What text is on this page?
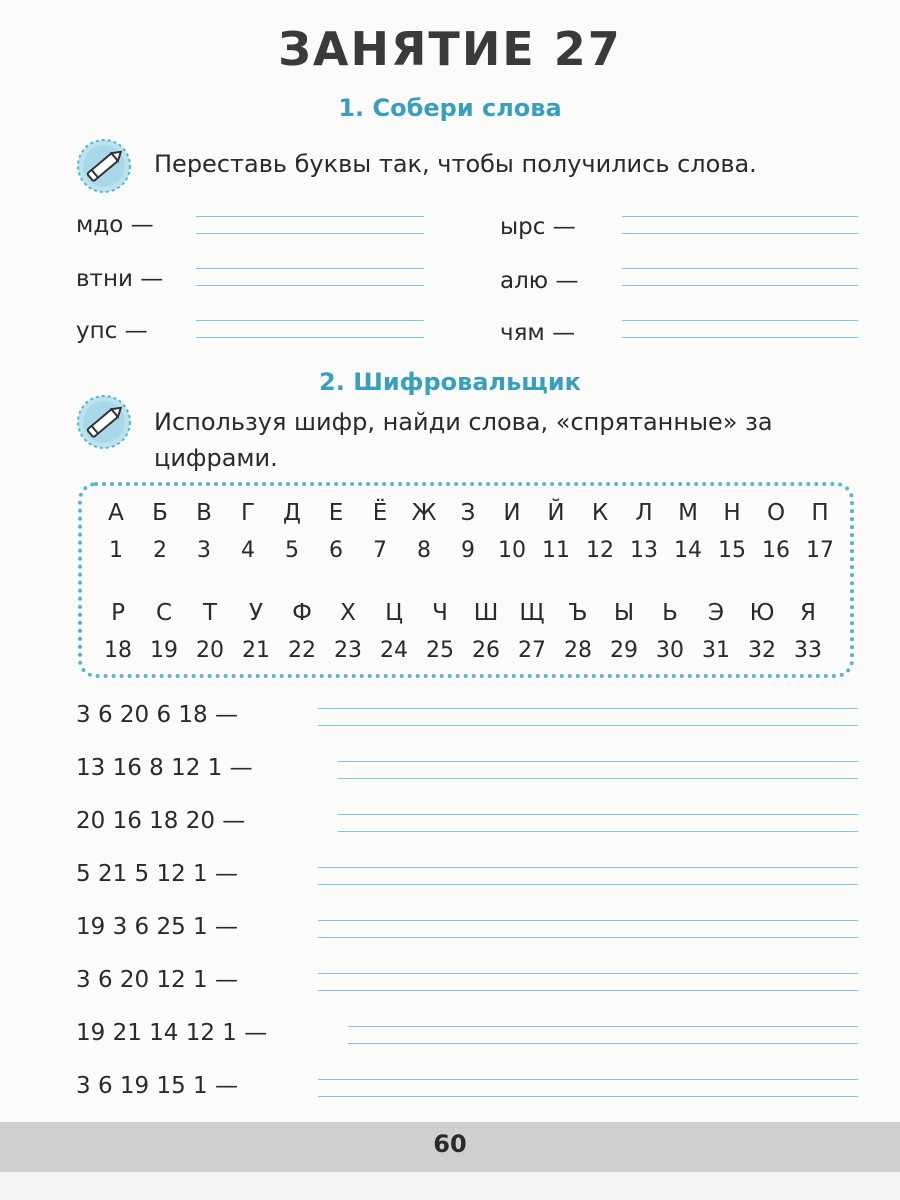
ЗАНЯТИЕ 27
1. Собери слова
Переставь буквы так, чтобы получились слова.
мдо —
втни —
упс —
ырс —
алю —
чям —
2. Шифровальщик
Используя шифр, найди слова, «спрятанные» за
цифрами.
А
1
Б
2
В
3
Г
4
Д
5
Е
6
Ё
7
Ж
8
З
9
И
10
Й
11
К
12
Л
13
М
14
Н
15
О
16
П
17
Р
18
С
19
Т
20
У
21
Ф
22
Х
23
Ц
24
Ч
25
Ш
26
Щ
27
Ъ
28
Ы
29
Ь
30
Э
31
Ю
32
Я
33
3 6 20 6 18 —
13 16 8 12 1 —
20 16 18 20 —
5 21 5 12 1 —
19 3 6 25 1 —
3 6 20 12 1 —
19 21 14 12 1 —
3 6 19 15 1 —
60
